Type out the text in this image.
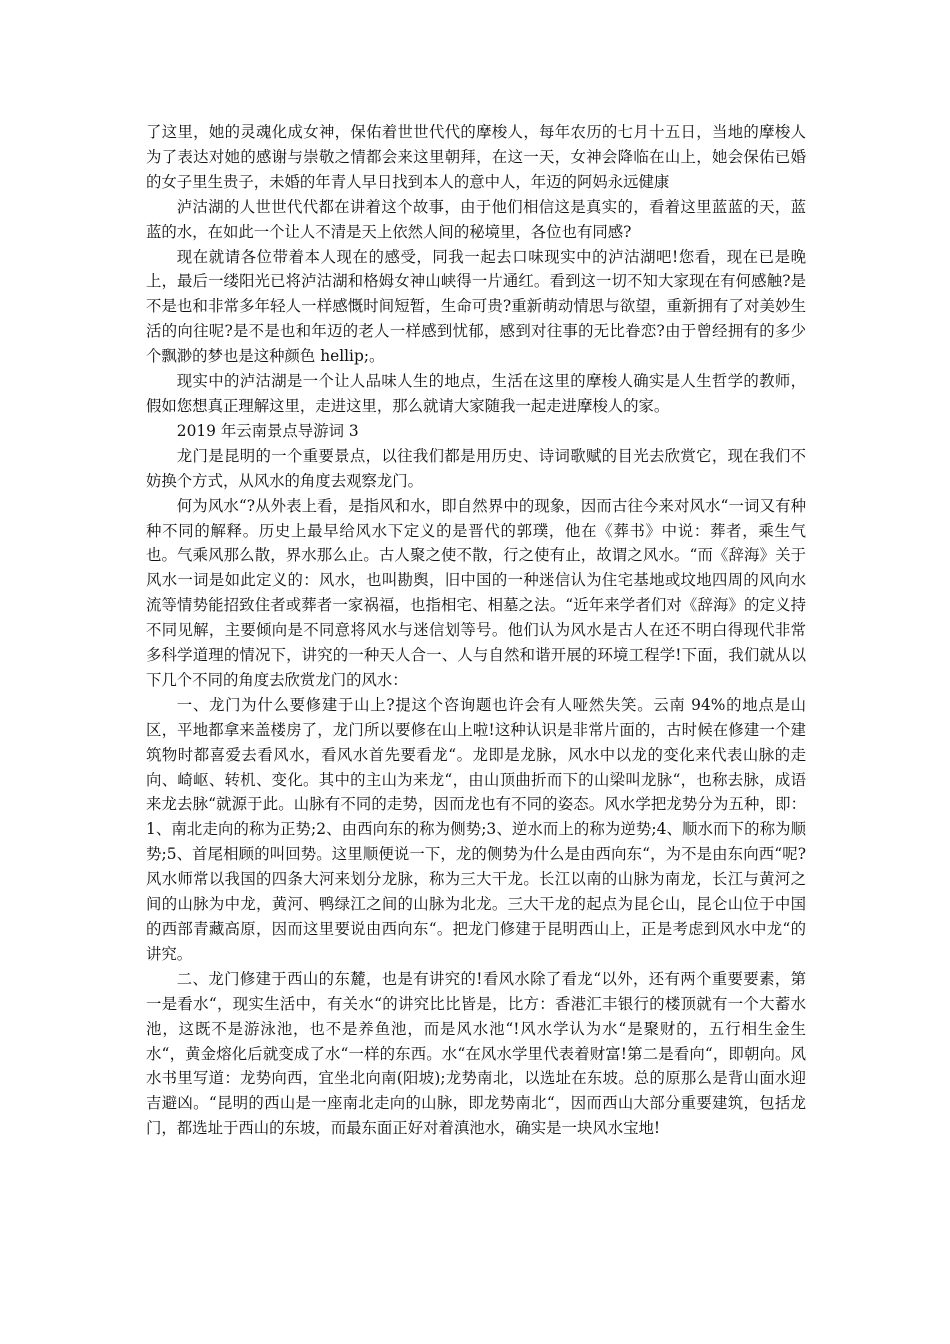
了这里，她的灵魂化成女神，保佑着世世代代的摩梭人，每年农历的七月十五日，当地的摩梭人为了表达对她的感谢与崇敬之情都会来这里朝拜，在这一天，女神会降临在山上，她会保佑已婚的女子里生贵子，未婚的年青人早日找到本人的意中人，年迈的阿妈永远健康

泸沽湖的人世世代代都在讲着这个故事，由于他们相信这是真实的，看着这里蓝蓝的天，蓝蓝的水，在如此一个让人不清是天上依然人间的秘境里，各位也有同感?

现在就请各位带着本人现在的感受，同我一起去口味现实中的泸沽湖吧!您看，现在已是晚上，最后一缕阳光已将泸沽湖和格姆女神山峡得一片通红。看到这一切不知大家现在有何感触?是不是也和非常多年轻人一样感慨时间短暂，生命可贵?重新萌动情思与欲望，重新拥有了对美妙生活的向往呢?是不是也和年迈的老人一样感到忧郁，感到对往事的无比眷恋?由于曾经拥有的多少个飘渺的梦也是这种颜色 hellip;。

现实中的泸沽湖是一个让人品味人生的地点，生活在这里的摩梭人确实是人生哲学的教师，假如您想真正理解这里，走进这里，那么就请大家随我一起走进摩梭人的家。

2019 年云南景点导游词 3

龙门是昆明的一个重要景点，以往我们都是用历史、诗词歌赋的目光去欣赏它，现在我们不妨换个方式，从风水的角度去观察龙门。

何为风水“?从外表上看，是指风和水，即自然界中的现象，因而古往今来对风水“一词又有种种不同的解释。历史上最早给风水下定义的是晋代的郭璞，他在《葬书》中说：葬者，乘生气也。气乘风那么散，界水那么止。古人聚之使不散，行之使有止，故谓之风水。“而《辞海》关于风水一词是如此定义的：风水，也叫勘舆，旧中国的一种迷信认为住宅基地或坟地四周的风向水流等情势能招致住者或葬者一家祸福，也指相宅、相墓之法。“近年来学者们对《辞海》的定义持不同见解，主要倾向是不同意将风水与迷信划等号。他们认为风水是古人在还不明白得现代非常多科学道理的情况下，讲究的一种天人合一、人与自然和谐开展的环境工程学!下面，我们就从以下几个不同的角度去欣赏龙门的风水：

一、龙门为什么要修建于山上?提这个咨询题也许会有人哑然失笑。云南 94%的地点是山区，平地都拿来盖楼房了，龙门所以要修在山上啦!这种认识是非常片面的，古时候在修建一个建筑物时都喜爱去看风水，看风水首先要看龙“。龙即是龙脉，风水中以龙的变化来代表山脉的走向、崎岖、转机、变化。其中的主山为来龙“，由山顶曲折而下的山梁叫龙脉“，也称去脉，成语来龙去脉“就源于此。山脉有不同的走势，因而龙也有不同的姿态。风水学把龙势分为五种，即：1、南北走向的称为正势;2、由西向东的称为侧势;3、逆水而上的称为逆势;4、顺水而下的称为顺势;5、首尾相顾的叫回势。这里顺便说一下，龙的侧势为什么是由西向东“，为不是由东向西“呢?风水师常以我国的四条大河来划分龙脉，称为三大干龙。长江以南的山脉为南龙，长江与黄河之间的山脉为中龙，黄河、鸭绿江之间的山脉为北龙。三大干龙的起点为昆仑山，昆仑山位于中国的西部青藏高原，因而这里要说由西向东“。把龙门修建于昆明西山上，正是考虑到风水中龙“的讲究。

二、龙门修建于西山的东麓，也是有讲究的!看风水除了看龙“以外，还有两个重要要素，第一是看水“，现实生活中，有关水“的讲究比比皆是，比方：香港汇丰银行的楼顶就有一个大蓄水池，这既不是游泳池，也不是养鱼池，而是风水池“!风水学认为水“是聚财的，五行相生金生水“，黄金熔化后就变成了水“一样的东西。水“在风水学里代表着财富!第二是看向“，即朝向。风水书里写道：龙势向西，宜坐北向南(阳坡);龙势南北，以选址在东坡。总的原那么是背山面水迎吉避凶。“昆明的西山是一座南北走向的山脉，即龙势南北“，因而西山大部分重要建筑，包括龙门，都选址于西山的东坡，而最东面正好对着滇池水，确实是一块风水宝地!
